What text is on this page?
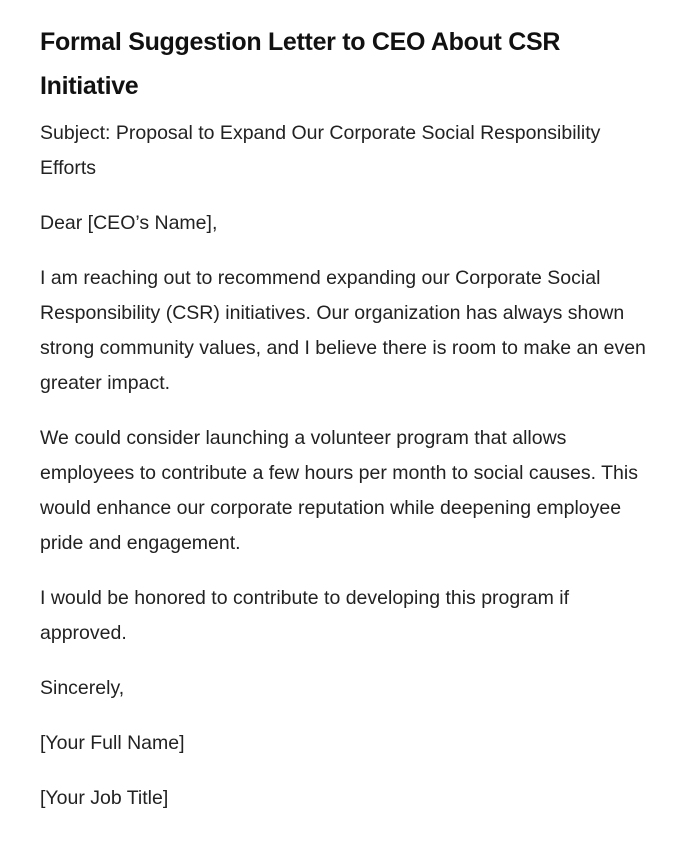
Formal Suggestion Letter to CEO About CSR Initiative

Subject: Proposal to Expand Our Corporate Social Responsibility Efforts

Dear [CEO’s Name],

I am reaching out to recommend expanding our Corporate Social Responsibility (CSR) initiatives. Our organization has always shown strong community values, and I believe there is room to make an even greater impact.

We could consider launching a volunteer program that allows employees to contribute a few hours per month to social causes. This would enhance our corporate reputation while deepening employee pride and engagement.

I would be honored to contribute to developing this program if approved.

Sincerely,

[Your Full Name]

[Your Job Title]
